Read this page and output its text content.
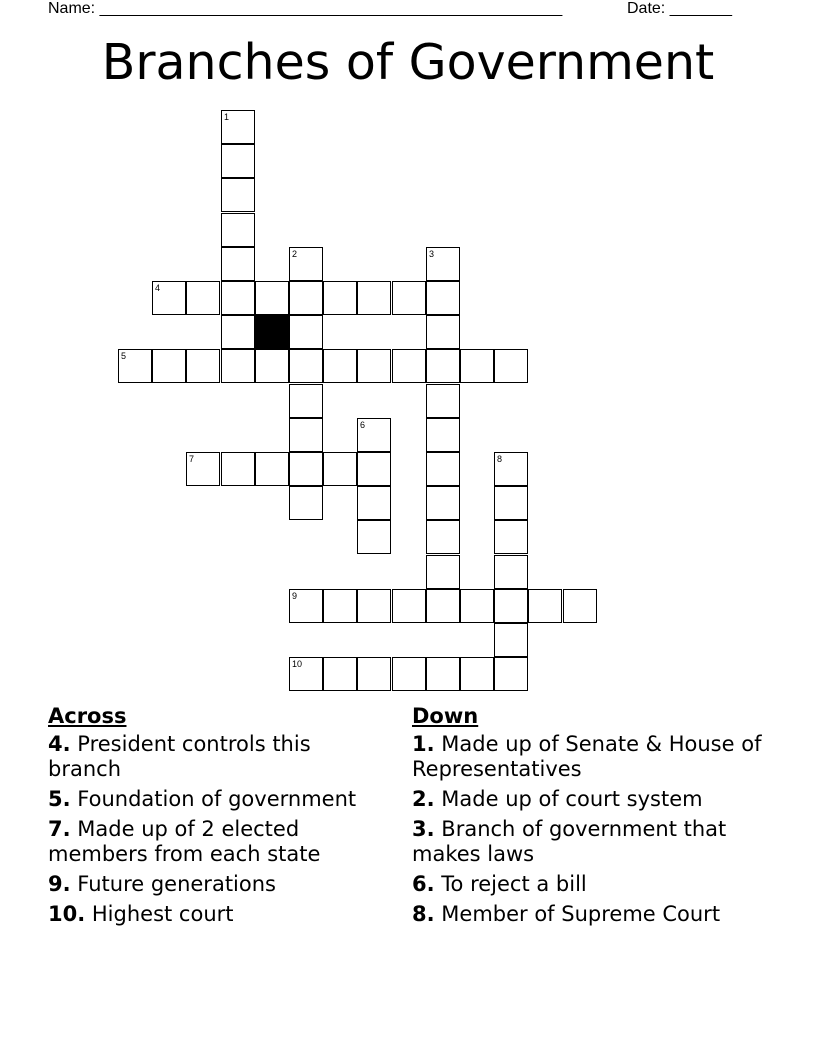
Name: ____________________________________________________	Date: _______
Branches of Government
1
2	3
4
5
6
7	8
9
10
Across
4. President controls this branch
5. Foundation of government
7. Made up of 2 elected members from each state
9. Future generations
10. Highest court
Down
1. Made up of Senate & House of Representatives
2. Made up of court system
3. Branch of government that makes laws
6. To reject a bill
8. Member of Supreme Court
